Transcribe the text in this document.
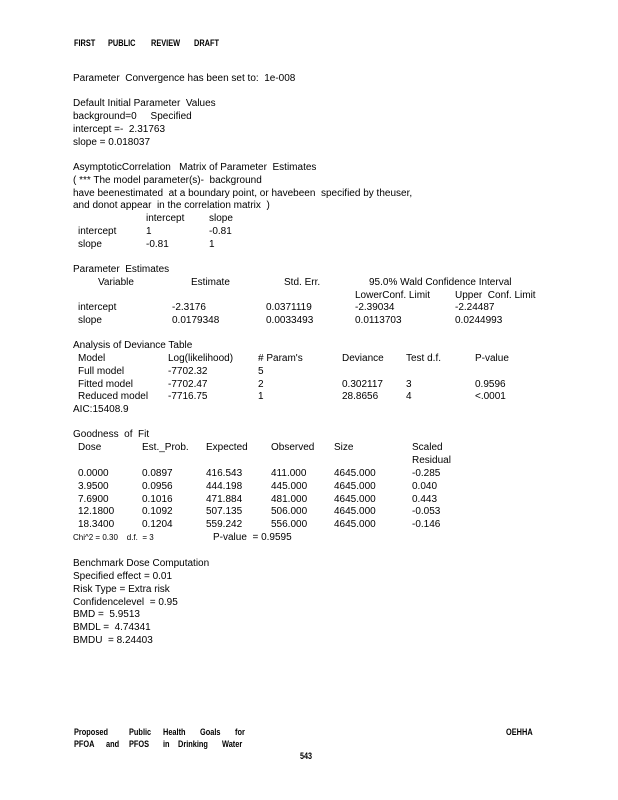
FIRST PUBLIC REVIEW DRAFT
Parameter  Convergence has been set to:  1e-008
Default Initial Parameter  Values
background=0     Specified
intercept =-  2.31763
slope = 0.018037
AsymptoticCorrelation   Matrix of Parameter  Estimates
( *** The model parameter(s)-  background
have beenestimated  at a boundary point, or havebeen  specified by theuser,
and donot appear  in the correlation matrix  )
intercept slope
intercept	1	-0.81
slope	-0.81	1
Parameter  Estimates
Variable	Estimate	Std. Err.	95.0% Wald Confidence Interval
LowerConf. Limit Upper  Conf. Limit
intercept	-2.3176	0.0371119	-2.39034	-2.24487
slope	0.0179348	0.0033493	0.0113703	0.0244993
Analysis of Deviance Table
Model	Log(likelihood) # Param's	Deviance Test d.f.	P-value
Full model	-7702.32	5
Fitted model	-7702.47	2	0.302117 3	0.9596
Reduced model -7716.75	1	28.8656	4	<.0001
AIC:15408.9
Goodness  of  Fit
Dose	Est._Prob. Expected Observed Size	Scaled
Residual
0.0000	0.0897	416.543	411.000	4645.000	-0.285
3.9500	0.0956	444.198	445.000	4645.000	0.040
7.6900	0.1016	471.884	481.000	4645.000	0.443
12.1800	0.1092	507.135	506.000	4645.000	-0.053
18.3400	0.1204	559.242	556.000	4645.000	-0.146
Chi^2 = 0.30    d.f.  = 3	P-value  = 0.9595
Benchmark Dose Computation
Specified effect = 0.01
Risk Type = Extra risk
Confidencelevel  = 0.95
BMD =  5.9513
BMDL =  4.74341
BMDU  = 8.24403
Proposed Public Health Goals for
PFOA and PFOS in Drinking Water
OEHHA
543
